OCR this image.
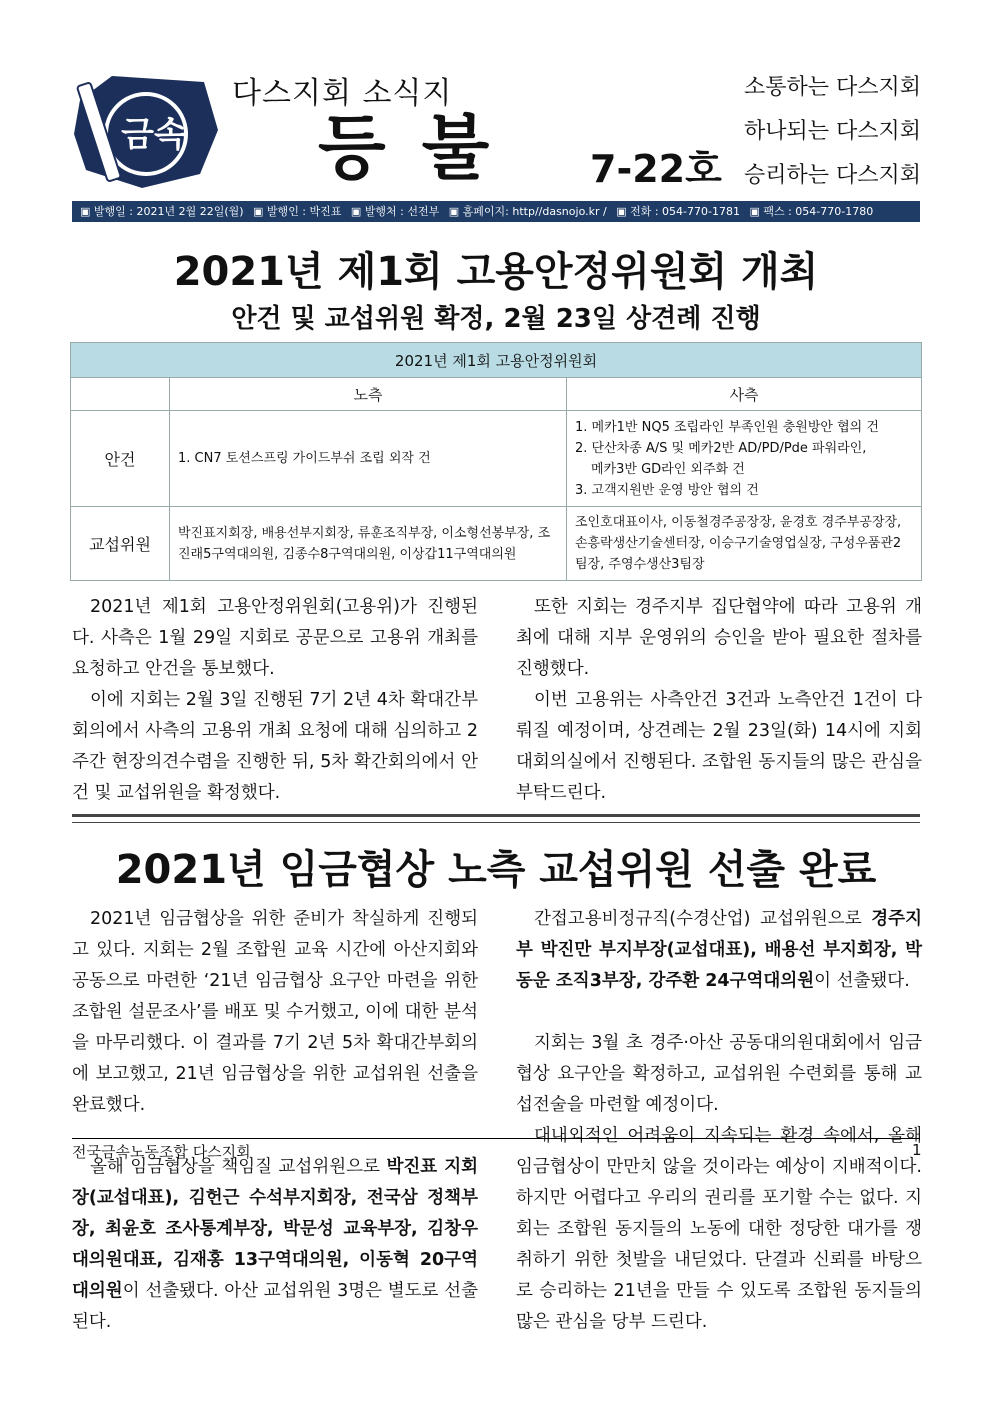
금속
다스지회 소식지
등불 7-22호
소통하는 다스지회
하나되는 다스지회
승리하는 다스지회
▣ 발행일 : 2021년 2월 22일(월) ▣ 발행인 : 박진표 ▣ 발행처 : 선전부 ▣ 홈페이지: http//dasnojo.kr / ▣ 전화 : 054-770-1781 ▣ 팩스 : 054-770-1780
2021년 제1회 고용안정위원회 개최
안건 및 교섭위원 확정, 2월 23일 상견례 진행
2021년 제1회 고용안정위원회		
	노측	사측
안건	1. CN7 토션스프링 가이드부쉬 조립 외작 건	1. 메카1반 NQ5 조립라인 부족인원 충원방안 협의 건
2. 단산차종 A/S 및 메카2반 AD/PD/Pde 파워라인,
메카3반 GD라인 외주화 건
3. 고객지원반 운영 방안 협의 건

교섭위원	박진표지회장, 배용선부지회장, 류훈조직부장, 이소형선봉부장, 조진래5구역대의원, 김종수8구역대의원, 이상갑11구역대의원	조인호대표이사, 이동철경주공장장, 윤경호 경주부공장장, 손흥락생산기술센터장, 이승구기술영업실장, 구성우품관2팀장, 주영수생산3팀장

2021년 제1회 고용안정위원회(고용위)가 진행된다. 사측은 1월 29일 지회로 공문으로 고용위 개최를 요청하고 안건을 통보했다.

이에 지회는 2월 3일 진행된 7기 2년 4차 확대간부회의에서 사측의 고용위 개최 요청에 대해 심의하고 2주간 현장의견수렴을 진행한 뒤, 5차 확간회의에서 안건 및 교섭위원을 확정했다.

또한 지회는 경주지부 집단협약에 따라 고용위 개최에 대해 지부 운영위의 승인을 받아 필요한 절차를 진행했다.

이번 고용위는 사측안건 3건과 노측안건 1건이 다뤄질 예정이며, 상견례는 2월 23일(화) 14시에 지회 대회의실에서 진행된다. 조합원 동지들의 많은 관심을 부탁드린다.

2021년 임금협상 노측 교섭위원 선출 완료

2021년 임금협상을 위한 준비가 착실하게 진행되고 있다. 지회는 2월 조합원 교육 시간에 아산지회와 공동으로 마련한 ‘21년 임금협상 요구안 마련을 위한 조합원 설문조사’를 배포 및 수거했고, 이에 대한 분석을 마무리했다. 이 결과를 7기 2년 5차 확대간부회의에 보고했고, 21년 임금협상을 위한 교섭위원 선출을 완료했다.

올해 임금협상을 책임질 교섭위원으로 박진표 지회장(교섭대표), 김헌근 수석부지회장, 전국삼 정책부장, 최윤호 조사통계부장, 박문성 교육부장, 김창우 대의원대표, 김재홍 13구역대의원, 이동혁 20구역대의원이 선출됐다. 아산 교섭위원 3명은 별도로 선출된다.

간접고용비정규직(수경산업) 교섭위원으로 경주지부 박진만 부지부장(교섭대표), 배용선 부지회장, 박동운 조직3부장, 강주환 24구역대의원이 선출됐다.

지회는 3월 초 경주·아산 공동대의원대회에서 임금협상 요구안을 확정하고, 교섭위원 수련회를 통해 교섭전술을 마련할 예정이다.

대내외적인 어려움이 지속되는 환경 속에서, 올해 임금협상이 만만치 않을 것이라는 예상이 지배적이다. 하지만 어렵다고 우리의 권리를 포기할 수는 없다. 지회는 조합원 동지들의 노동에 대한 정당한 대가를 쟁취하기 위한 첫발을 내딛었다. 단결과 신뢰를 바탕으로 승리하는 21년을 만들 수 있도록 조합원 동지들의 많은 관심을 당부 드린다.

전국금속노동조합 다스지회	1
